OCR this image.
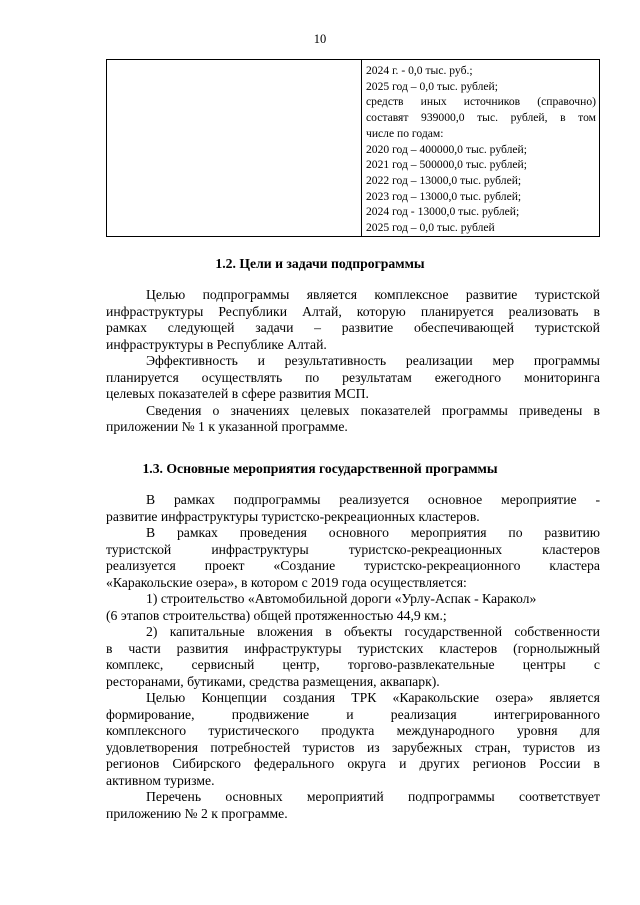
10

2024 г. - 0,0 тыс. руб.;
2025 год – 0,0 тыс. рублей;
средств иных источников (справочно)
составят 939000,0 тыс. рублей, в том
числе по годам:
2020 год – 400000,0 тыс. рублей;
2021 год – 500000,0 тыс. рублей;
2022 год – 13000,0 тыс. рублей;
2023 год – 13000,0 тыс. рублей;
2024 год - 13000,0 тыс. рублей;
2025 год – 0,0 тыс. рублей
1.2. Цели и задачи подпрограммы
Целью подпрограммы является комплексное развитие туристской
инфраструктуры Республики Алтай, которую планируется реализовать в
рамках следующей задачи – развитие обеспечивающей туристской
инфраструктуры в Республике Алтай.
Эффективность и результативность реализации мер программы
планируется осуществлять по результатам ежегодного мониторинга
целевых показателей в сфере развития МСП.
Сведения о значениях целевых показателей программы приведены в
приложении № 1 к указанной программе.
1.3. Основные мероприятия государственной программы
В рамках подпрограммы реализуется основное мероприятие -
развитие инфраструктуры туристско-рекреационных кластеров.
В рамках проведения основного мероприятия по развитию
туристской	инфраструктуры	туристско-рекреационных	кластеров
реализуется проект «Создание туристско-рекреационного кластера
«Каракольские озера», в котором с 2019 года осуществляется:
1) строительство «Автомобильной дороги «Урлу-Аспак - Каракол»
(6 этапов строительства) общей протяженностью 44,9 км.;
2) капитальные вложения в объекты государственной собственности
в части развития инфраструктуры туристских кластеров (горнолыжный
комплекс, сервисный центр, торгово-развлекательные центры с
ресторанами, бутиками, средства размещения, аквапарк).
Целью Концепции создания ТРК «Каракольские озера» является
формирование,	продвижение	и	реализация	интегрированного
комплексного туристического продукта международного уровня для
удовлетворения потребностей туристов из зарубежных стран, туристов из
регионов Сибирского федерального округа и других регионов России в
активном туризме.
Перечень основных мероприятий подпрограммы соответствует
приложению № 2 к программе.
